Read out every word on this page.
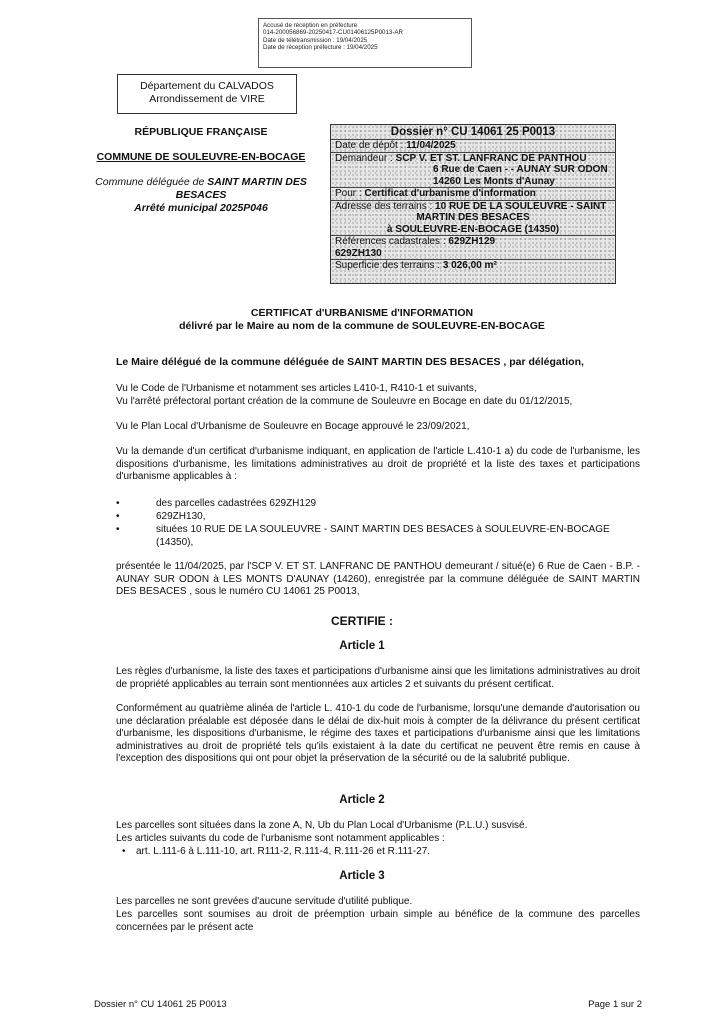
Accusé de réception en préfecture
014-200056869-20250417-CU01406125P0013-AR
Date de télétransmission : 19/04/2025
Date de réception préfecture : 19/04/2025
Département du CALVADOS
Arrondissement de VIRE
RÉPUBLIQUE FRANÇAISE
COMMUNE DE SOULEUVRE-EN-BOCAGE
Commune déléguée de SAINT MARTIN DES BESACES
Arrêté municipal 2025P046
Dossier n° CU 14061 25 P0013
Date de dépôt : 11/04/2025
Demandeur : SCP V. ET ST. LANFRANC DE PANTHOU
6 Rue de Caen - - AUNAY SUR ODON
14260 Les Monts d'Aunay
Pour : Certificat d'urbanisme d'information
Adresse des terrains : 10 RUE DE LA SOULEUVRE - SAINT
MARTIN DES BESACES
à SOULEUVRE-EN-BOCAGE (14350)
Références cadastrales : 629ZH129
629ZH130
Superficie des terrains : 3 026,00 m²
CERTIFICAT d'URBANISME d'INFORMATION
délivré par le Maire au nom de la commune de SOULEUVRE-EN-BOCAGE
Le Maire délégué de la commune déléguée de SAINT MARTIN DES BESACES , par délégation,
Vu le Code de l'Urbanisme et notamment ses articles L410-1, R410-1 et suivants,
Vu l'arrêté préfectoral portant création de la commune de Souleuvre en Bocage en date du 01/12/2015,
Vu le Plan Local d'Urbanisme de Souleuvre en Bocage approuvé le 23/09/2021,
Vu la demande d'un certificat d'urbanisme indiquant, en application de l'article L.410-1 a) du code de l'urbanisme, les dispositions d'urbanisme, les limitations administratives au droit de propriété et la liste des taxes et participations d'urbanisme applicables à :
•	des parcelles cadastrées 629ZH129
•	629ZH130,
•	situées 10 RUE DE LA SOULEUVRE - SAINT MARTIN DES BESACES à SOULEUVRE-EN-BOCAGE (14350),
présentée le 11/04/2025, par l'SCP V. ET ST. LANFRANC DE PANTHOU demeurant / situé(e) 6 Rue de Caen - B.P. - AUNAY SUR ODON à LES MONTS D'AUNAY (14260), enregistrée par la commune déléguée de SAINT MARTIN DES BESACES , sous le numéro CU 14061 25 P0013,
CERTIFIE :
Article 1
Les règles d'urbanisme, la liste des taxes et participations d'urbanisme ainsi que les limitations administratives au droit de propriété applicables au terrain sont mentionnées aux articles 2 et suivants du présent certificat.
Conformément au quatrième alinéa de l'article L. 410-1 du code de l'urbanisme, lorsqu'une demande d'autorisation ou une déclaration préalable est déposée dans le délai de dix-huit mois à compter de la délivrance du présent certificat d'urbanisme, les dispositions d'urbanisme, le régime des taxes et participations d'urbanisme ainsi que les limitations administratives au droit de propriété tels qu'ils existaient à la date du certificat ne peuvent être remis en cause à l'exception des dispositions qui ont pour objet la préservation de la sécurité ou de la salubrité publique.
Article 2
Les parcelles sont situées dans la zone A, N, Ub du Plan Local d'Urbanisme (P.L.U.) susvisé.
Les articles suivants du code de l'urbanisme sont notamment applicables :
• art. L.111-6 à L.111-10, art. R111-2, R.111-4, R.111-26 et R.111-27.
Article 3
Les parcelles ne sont grevées d'aucune servitude d'utilité publique.
Les parcelles sont soumises au droit de préemption urbain simple au bénéfice de la commune des parcelles concernées par le présent acte
Dossier n° CU 14061 25 P0013	Page 1 sur 2
